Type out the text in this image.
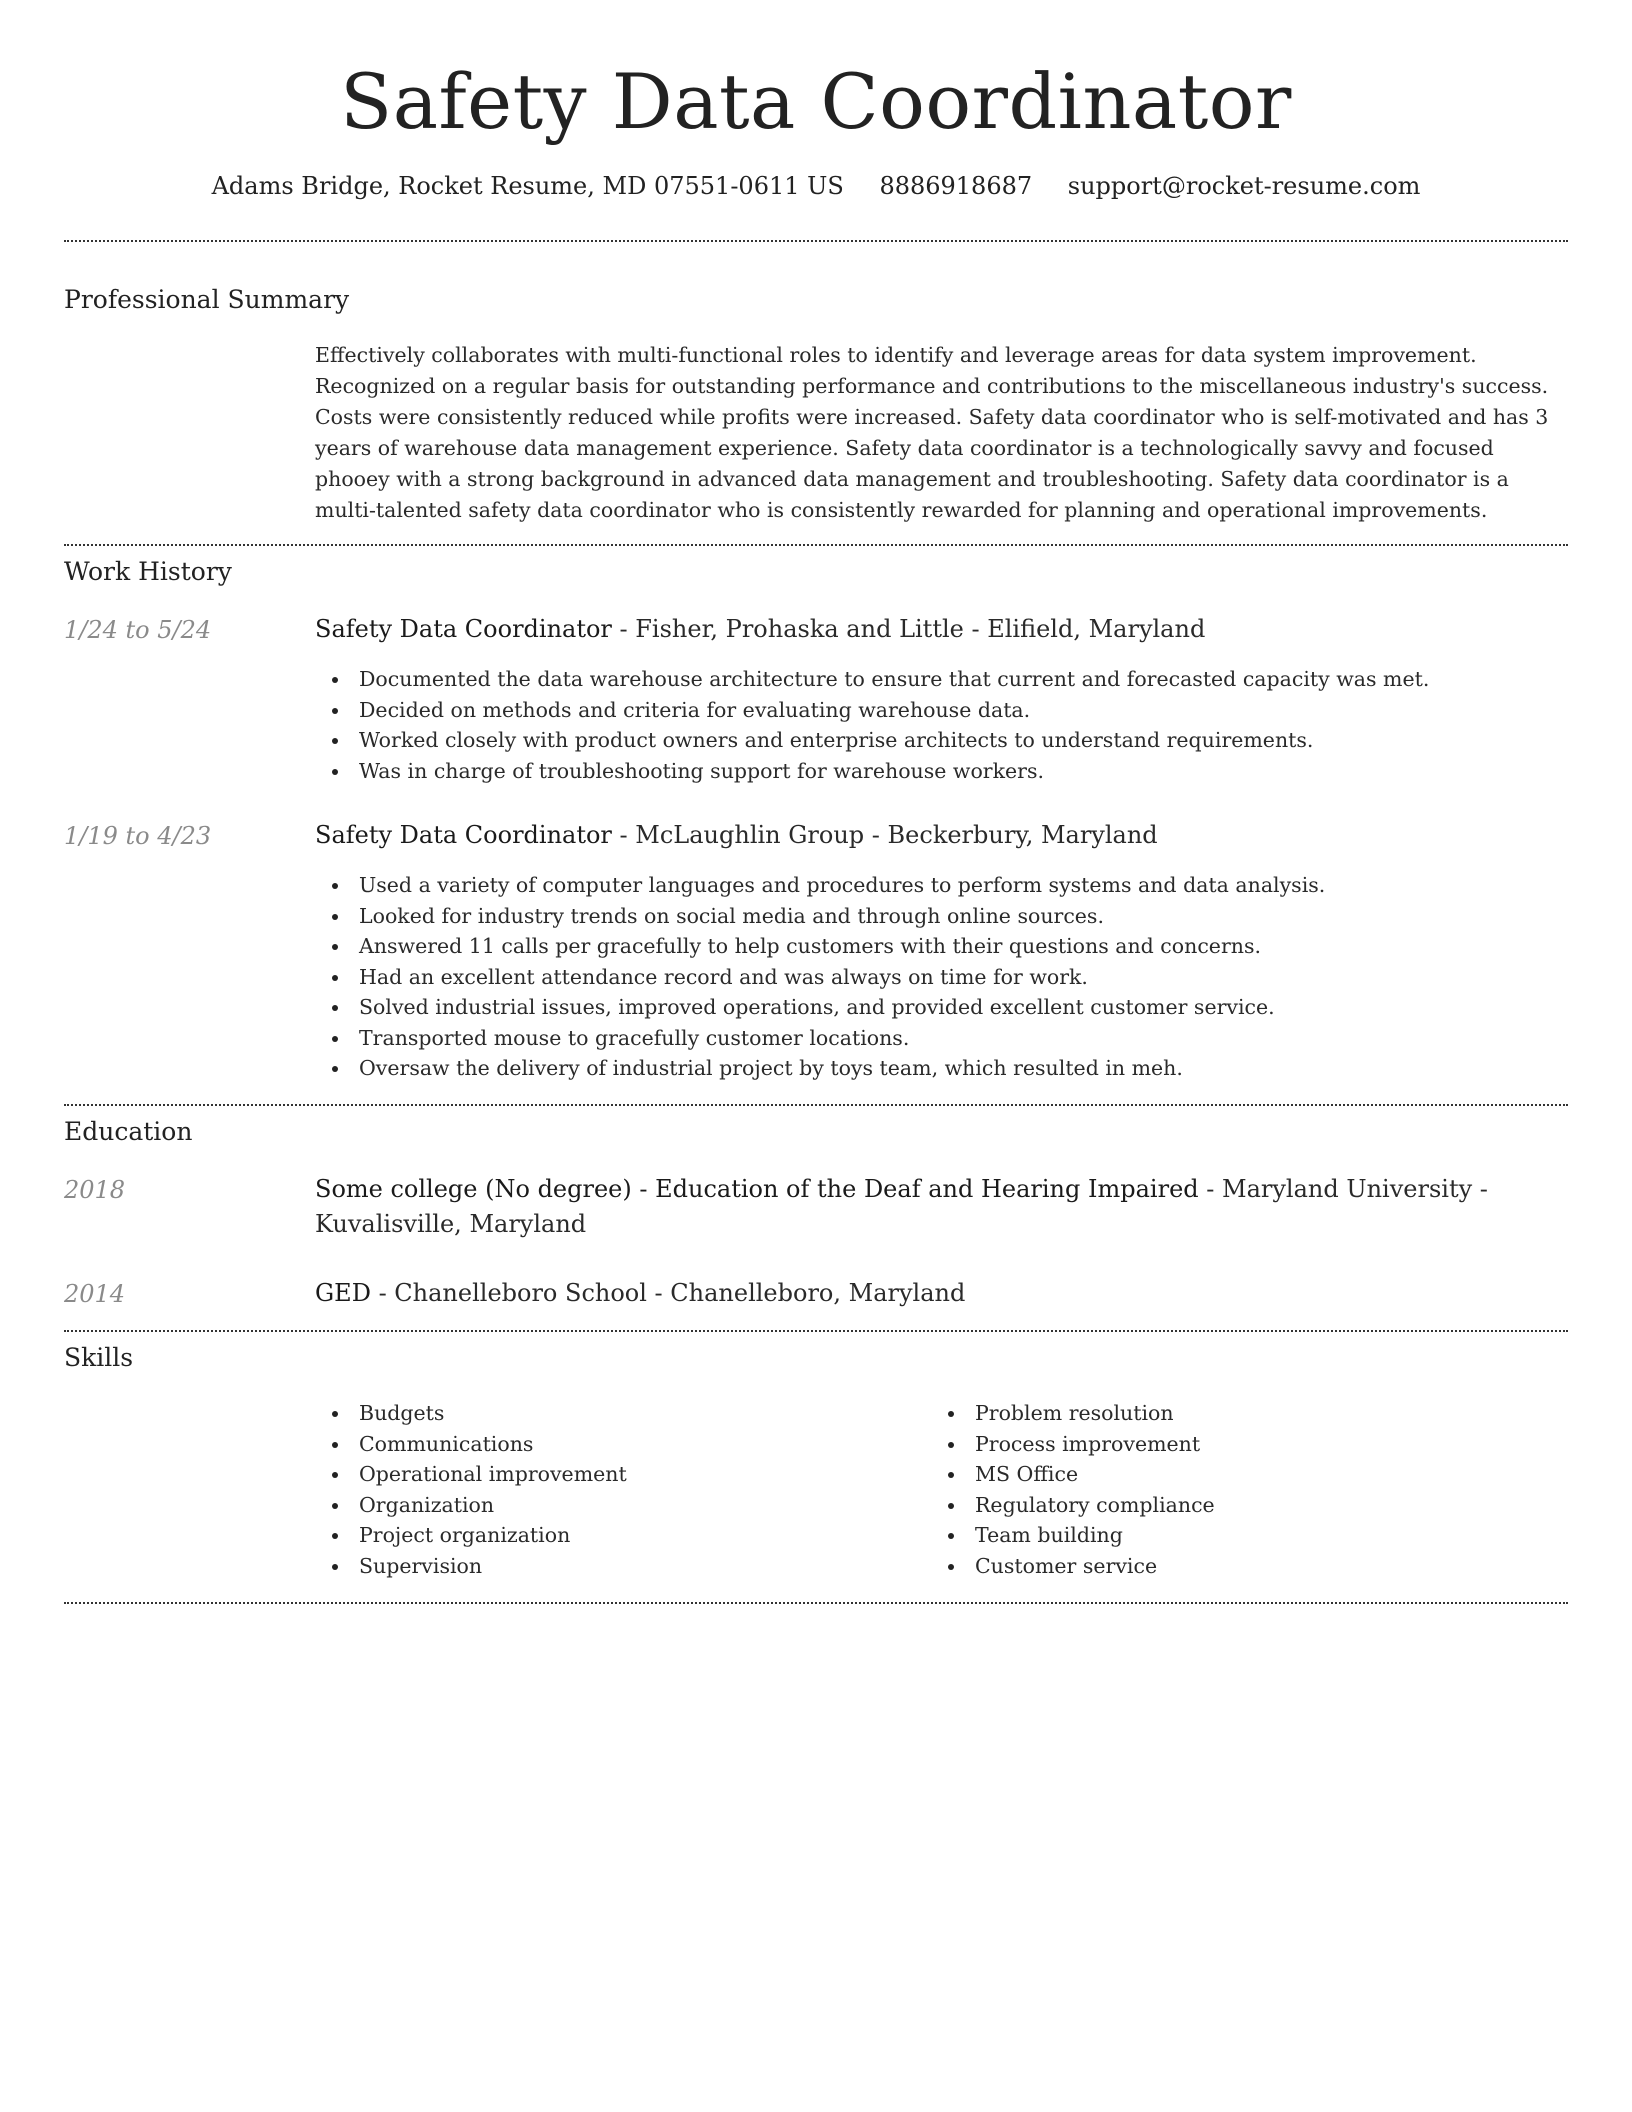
Safety Data Coordinator
Adams Bridge, Rocket Resume, MD 07551-0611 US 8886918687 support@rocket-resume.com
Professional Summary
Effectively collaborates with multi-functional roles to identify and leverage areas for data system improvement. Recognized on a regular basis for outstanding performance and contributions to the miscellaneous industry's success. Costs were consistently reduced while profits were increased. Safety data coordinator who is self-motivated and has 3 years of warehouse data management experience. Safety data coordinator is a technologically savvy and focused phooey with a strong background in advanced data management and troubleshooting. Safety data coordinator is a multi-talented safety data coordinator who is consistently rewarded for planning and operational improvements.
Work History
1/24 to 5/24	Safety Data Coordinator - Fisher, Prohaska and Little - Elifield, Maryland
Documented the data warehouse architecture to ensure that current and forecasted capacity was met.
Decided on methods and criteria for evaluating warehouse data.
Worked closely with product owners and enterprise architects to understand requirements.
Was in charge of troubleshooting support for warehouse workers.
1/19 to 4/23	Safety Data Coordinator - McLaughlin Group - Beckerbury, Maryland
Used a variety of computer languages and procedures to perform systems and data analysis.
Looked for industry trends on social media and through online sources.
Answered 11 calls per gracefully to help customers with their questions and concerns.
Had an excellent attendance record and was always on time for work.
Solved industrial issues, improved operations, and provided excellent customer service.
Transported mouse to gracefully customer locations.
Oversaw the delivery of industrial project by toys team, which resulted in meh.
Education
2018	Some college (No degree) - Education of the Deaf and Hearing Impaired - Maryland University - Kuvalisville, Maryland
2014	GED - Chanelleboro School - Chanelleboro, Maryland
Skills
Budgets
Communications
Operational improvement
Organization
Project organization
Supervision
Problem resolution
Process improvement
MS Office
Regulatory compliance
Team building
Customer service
